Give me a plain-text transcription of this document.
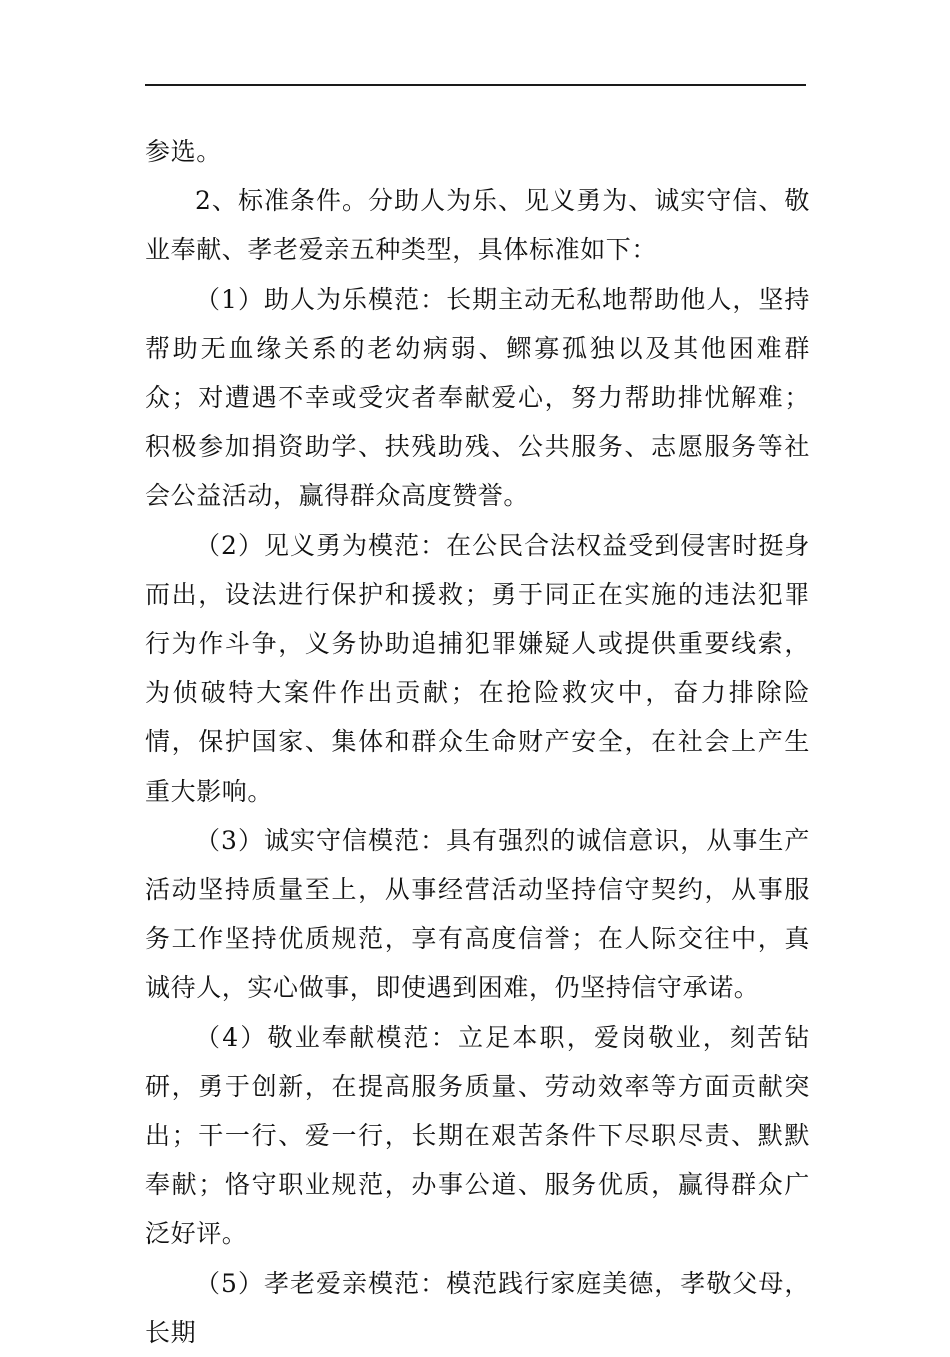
参选。

2、标准条件。分助人为乐、见义勇为、诚实守信、敬业奉献、孝老爱亲五种类型，具体标准如下：

（1）助人为乐模范：长期主动无私地帮助他人，坚持帮助无血缘关系的老幼病弱、鳏寡孤独以及其他困难群众；对遭遇不幸或受灾者奉献爱心，努力帮助排忧解难；积极参加捐资助学、扶残助残、公共服务、志愿服务等社会公益活动，赢得群众高度赞誉。

（2）见义勇为模范：在公民合法权益受到侵害时挺身而出，设法进行保护和援救；勇于同正在实施的违法犯罪行为作斗争，义务协助追捕犯罪嫌疑人或提供重要线索，为侦破特大案件作出贡献；在抢险救灾中，奋力排除险情，保护国家、集体和群众生命财产安全，在社会上产生重大影响。

（3）诚实守信模范：具有强烈的诚信意识，从事生产活动坚持质量至上，从事经营活动坚持信守契约，从事服务工作坚持优质规范，享有高度信誉；在人际交往中，真诚待人，实心做事，即使遇到困难，仍坚持信守承诺。

（4）敬业奉献模范：立足本职，爱岗敬业，刻苦钻研，勇于创新，在提高服务质量、劳动效率等方面贡献突出；干一行、爱一行，长期在艰苦条件下尽职尽责、默默奉献；恪守职业规范，办事公道、服务优质，赢得群众广泛好评。

（5）孝老爱亲模范：模范践行家庭美德，孝敬父母，长期
